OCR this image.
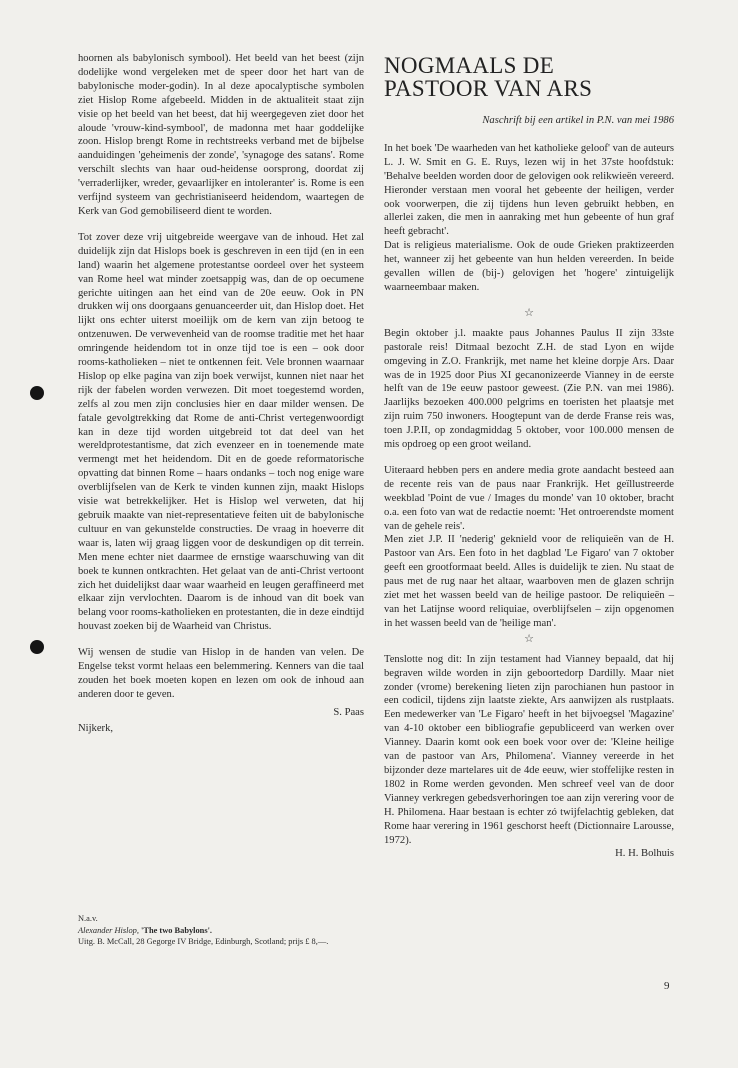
hoornen als babylonisch symbool). Het beeld van het beest (zijn dodelijke wond vergeleken met de speer door het hart van de babylonische moder-godin). In al deze apocalyptische symbolen ziet Hislop Rome afgebeeld. Midden in de aktualiteit staat zijn visie op het beeld van het beest, dat hij weergegeven ziet door het aloude 'vrouw-kind-symbool', de madonna met haar goddelijke zoon. Hislop brengt Rome in rechtstreeks verband met de bijbelse aanduidingen 'geheimenis der zonde', 'synagoge des satans'. Rome verschilt slechts van haar oud-heidense oorsprong, doordat zij 'verraderlijker, wreder, gevaarlijker en intoleranter' is. Rome is een verfijnd systeem van gechristianiseerd heidendom, waartegen de Kerk van God gemobiliseerd dient te worden.

Tot zover deze vrij uitgebreide weergave van de inhoud. Het zal duidelijk zijn dat Hislops boek is geschreven in een tijd (en in een land) waarin het algemene protestantse oordeel over het systeem van Rome heel wat minder zoetsappig was, dan de op oecumene gerichte uitingen aan het eind van de 20e eeuw. Ook in PN drukken wij ons doorgaans genuanceerder uit, dan Hislop doet. Het lijkt ons echter uiterst moeilijk om de kern van zijn betoog te ontzenuwen. De verwevenheid van de roomse traditie met het haar omringende heidendom tot in onze tijd toe is een – ook door rooms-katholieken – niet te ontkennen feit. Vele bronnen waarnaar Hislop op elke pagina van zijn boek verwijst, kunnen niet naar het rijk der fabelen worden verwezen. Dit moet toegestemd worden, zelfs al zou men zijn conclusies hier en daar milder wensen. De fatale gevolgtrekking dat Rome de anti-Christ vertegenwoordigt kan in deze tijd worden uitgebreid tot dat deel van het wereldprotestantisme, dat zich evenzeer en in toenemende mate vermengt met het heidendom. Dit en de goede reformatorische opvatting dat binnen Rome – haars ondanks – toch nog enige ware overblijfselen van de Kerk te vinden kunnen zijn, maakt Hislops visie wat betrekkelijker. Het is Hislop wel verweten, dat hij gebruik maakte van niet-representatieve feiten uit de babylonische cultuur en van gekunstelde constructies. De vraag in hoeverre dit waar is, laten wij graag liggen voor de deskundigen op dit terrein. Men mene echter niet daarmee de ernstige waarschuwing van dit boek te kunnen ontkrachten. Het gelaat van de anti-Christ vertoont zich het duidelijkst daar waar waarheid en leugen geraffineerd met elkaar zijn vervlochten. Daarom is de inhoud van dit boek van belang voor rooms-katholieken en protestanten, die in deze eindtijd houvast zoeken bij de Waarheid van Christus.

Wij wensen de studie van Hislop in de handen van velen. De Engelse tekst vormt helaas een belemmering. Kenners van die taal zouden het boek moeten kopen en lezen om ook de inhoud aan anderen door te geven.

S. Paas

Nijkerk,

N.a.v.
Alexander Hislop, 'The two Babylons'.
Uitg. B. McCall, 28 Gegorge IV Bridge, Edinburgh, Scotland; prijs £ 8,—.
NOGMAALS DE
PASTOOR VAN ARS

Naschrift bij een artikel in P.N. van mei 1986

In het boek 'De waarheden van het katholieke geloof' van de auteurs L. J. W. Smit en G. E. Ruys, lezen wij in het 37ste hoofdstuk: 'Behalve beelden worden door de gelovigen ook relikwieën vereerd. Hieronder verstaan men vooral het gebeente der heiligen, verder ook voorwerpen, die zij tijdens hun leven gebruikt hebben, en allerlei zaken, die men in aanraking met hun gebeente of hun graf heeft gebracht'.

Dat is religieus materialisme. Ook de oude Grieken praktizeerden het, wanneer zij het gebeente van hun helden vereerden. In beide gevallen willen de (bij-) gelovigen het 'hogere' zintuigelijk waarneembaar maken.

☆

Begin oktober j.l. maakte paus Johannes Paulus II zijn 33ste pastorale reis! Ditmaal bezocht Z.H. de stad Lyon en wijde omgeving in Z.O. Frankrijk, met name het kleine dorpje Ars. Daar was de in 1925 door Pius XI gecanonizeerde Vianney in de eerste helft van de 19e eeuw pastoor geweest. (Zie P.N. van mei 1986). Jaarlijks bezoeken 400.000 pelgrims en toeristen het plaatsje met zijn ruim 750 inwoners. Hoogtepunt van de derde Franse reis was, toen J.P.II, op zondagmiddag 5 oktober, voor 100.000 mensen de mis opdroeg op een groot weiland.

Uiteraard hebben pers en andere media grote aandacht besteed aan de recente reis van de paus naar Frankrijk. Het geïllustreerde weekblad 'Point de vue / Images du monde' van 10 oktober, bracht o.a. een foto van wat de redactie noemt: 'Het ontroerendste moment van de gehele reis'.

Men ziet J.P. II 'nederig' geknield voor de reliquieën van de H. Pastoor van Ars. Een foto in het dagblad 'Le Figaro' van 7 oktober geeft een grootformaat beeld. Alles is duidelijk te zien. Nu staat de paus met de rug naar het altaar, waarboven men de glazen schrijn ziet met het wassen beeld van de heilige pastoor. De reliquieën – van het Latijnse woord reliquiae, overblijfselen – zijn opgenomen in het wassen beeld van de 'heilige man'.

☆

Tenslotte nog dit: In zijn testament had Vianney bepaald, dat hij begraven wilde worden in zijn geboortedorp Dardilly. Maar niet zonder (vrome) berekening lieten zijn parochianen hun pastoor in een codicil, tijdens zijn laatste ziekte, Ars aanwijzen als rustplaats. Een medewerker van 'Le Figaro' heeft in het bijvoegsel 'Magazine' van 4-10 oktober een bibliografie gepubliceerd van werken over Vianney. Daarin komt ook een boek voor over de: 'Kleine heilige van de pastoor van Ars, Philomena'. Vianney vereerde in het bijzonder deze martelares uit de 4de eeuw, wier stoffelijke resten in 1802 in Rome werden gevonden. Men schreef veel van de door Vianney verkregen gebedsverhoringen toe aan zijn verering voor de H. Philomena. Haar bestaan is echter zó twijfelachtig gebleken, dat Rome haar verering in 1961 geschorst heeft (Dictionnaire Larousse, 1972).

H. H. Bolhuis

9
